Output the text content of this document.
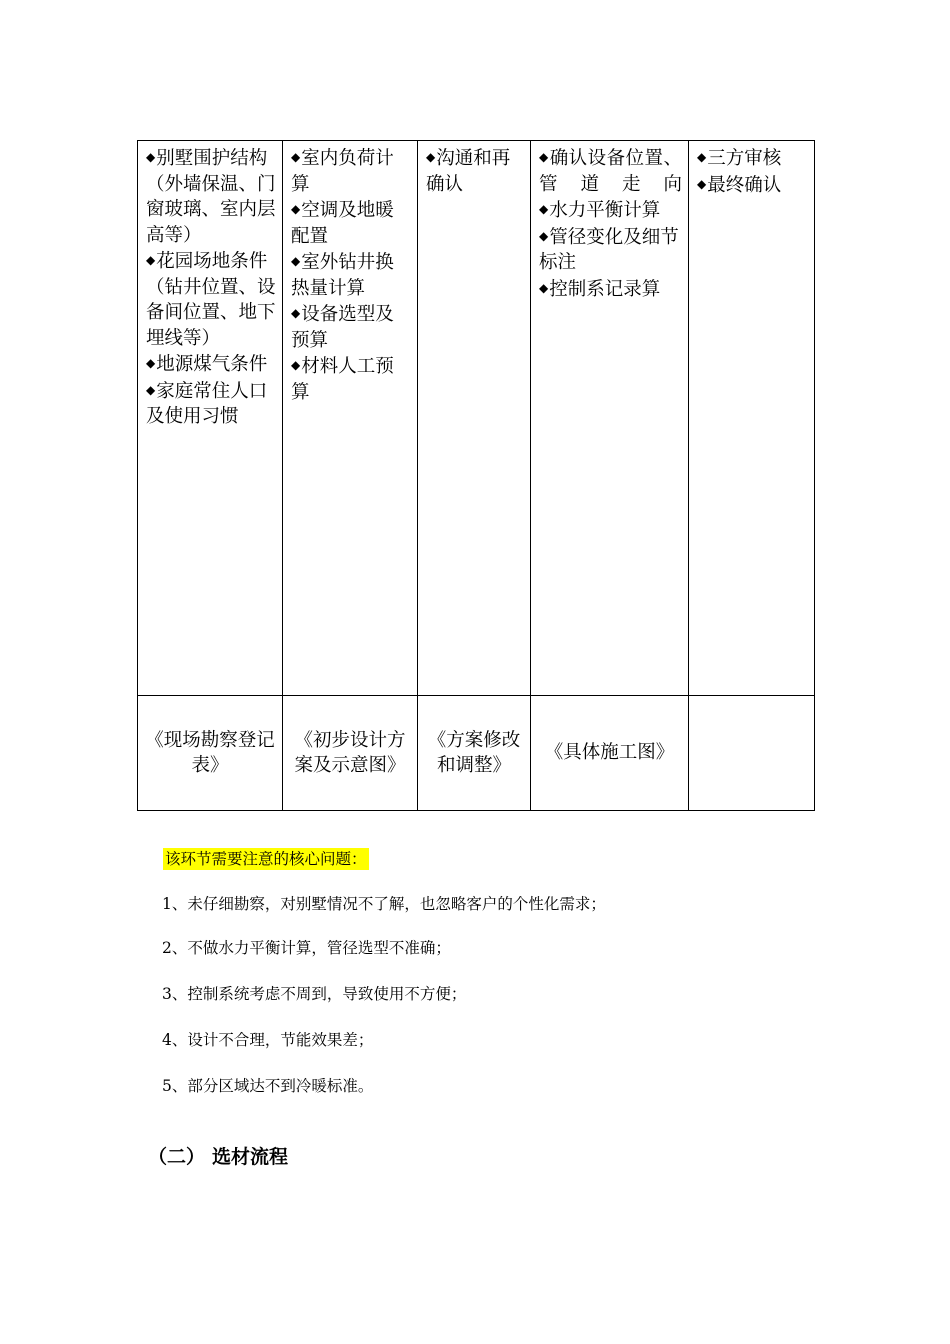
◆别墅围护结构（外墙保温、门窗玻璃、室内层高等）
◆花园场地条件（钻井位置、设备间位置、地下埋线等）
◆地源煤气条件
◆家庭常住人口及使用习惯	◆室内负荷计算
◆空调及地暖配置
◆室外钻井换热量计算
◆设备选型及预算
◆材料人工预算	◆沟通和再确认	◆确认设备位置、管道走向
◆水力平衡计算
◆管径变化及细节标注
◆控制系记录算	◆三方审核
◆最终确认

《现场勘察登记表》	《初步设计方案及示意图》	《方案修改和调整》	《具体施工图》	
该环节需要注意的核心问题：
1、未仔细勘察，对别墅情况不了解，也忽略客户的个性化需求；
2、不做水力平衡计算，管径选型不准确；
3、控制系统考虑不周到，导致使用不方便；
4、设计不合理，节能效果差；
5、部分区域达不到冷暖标准。
（二） 选材流程
